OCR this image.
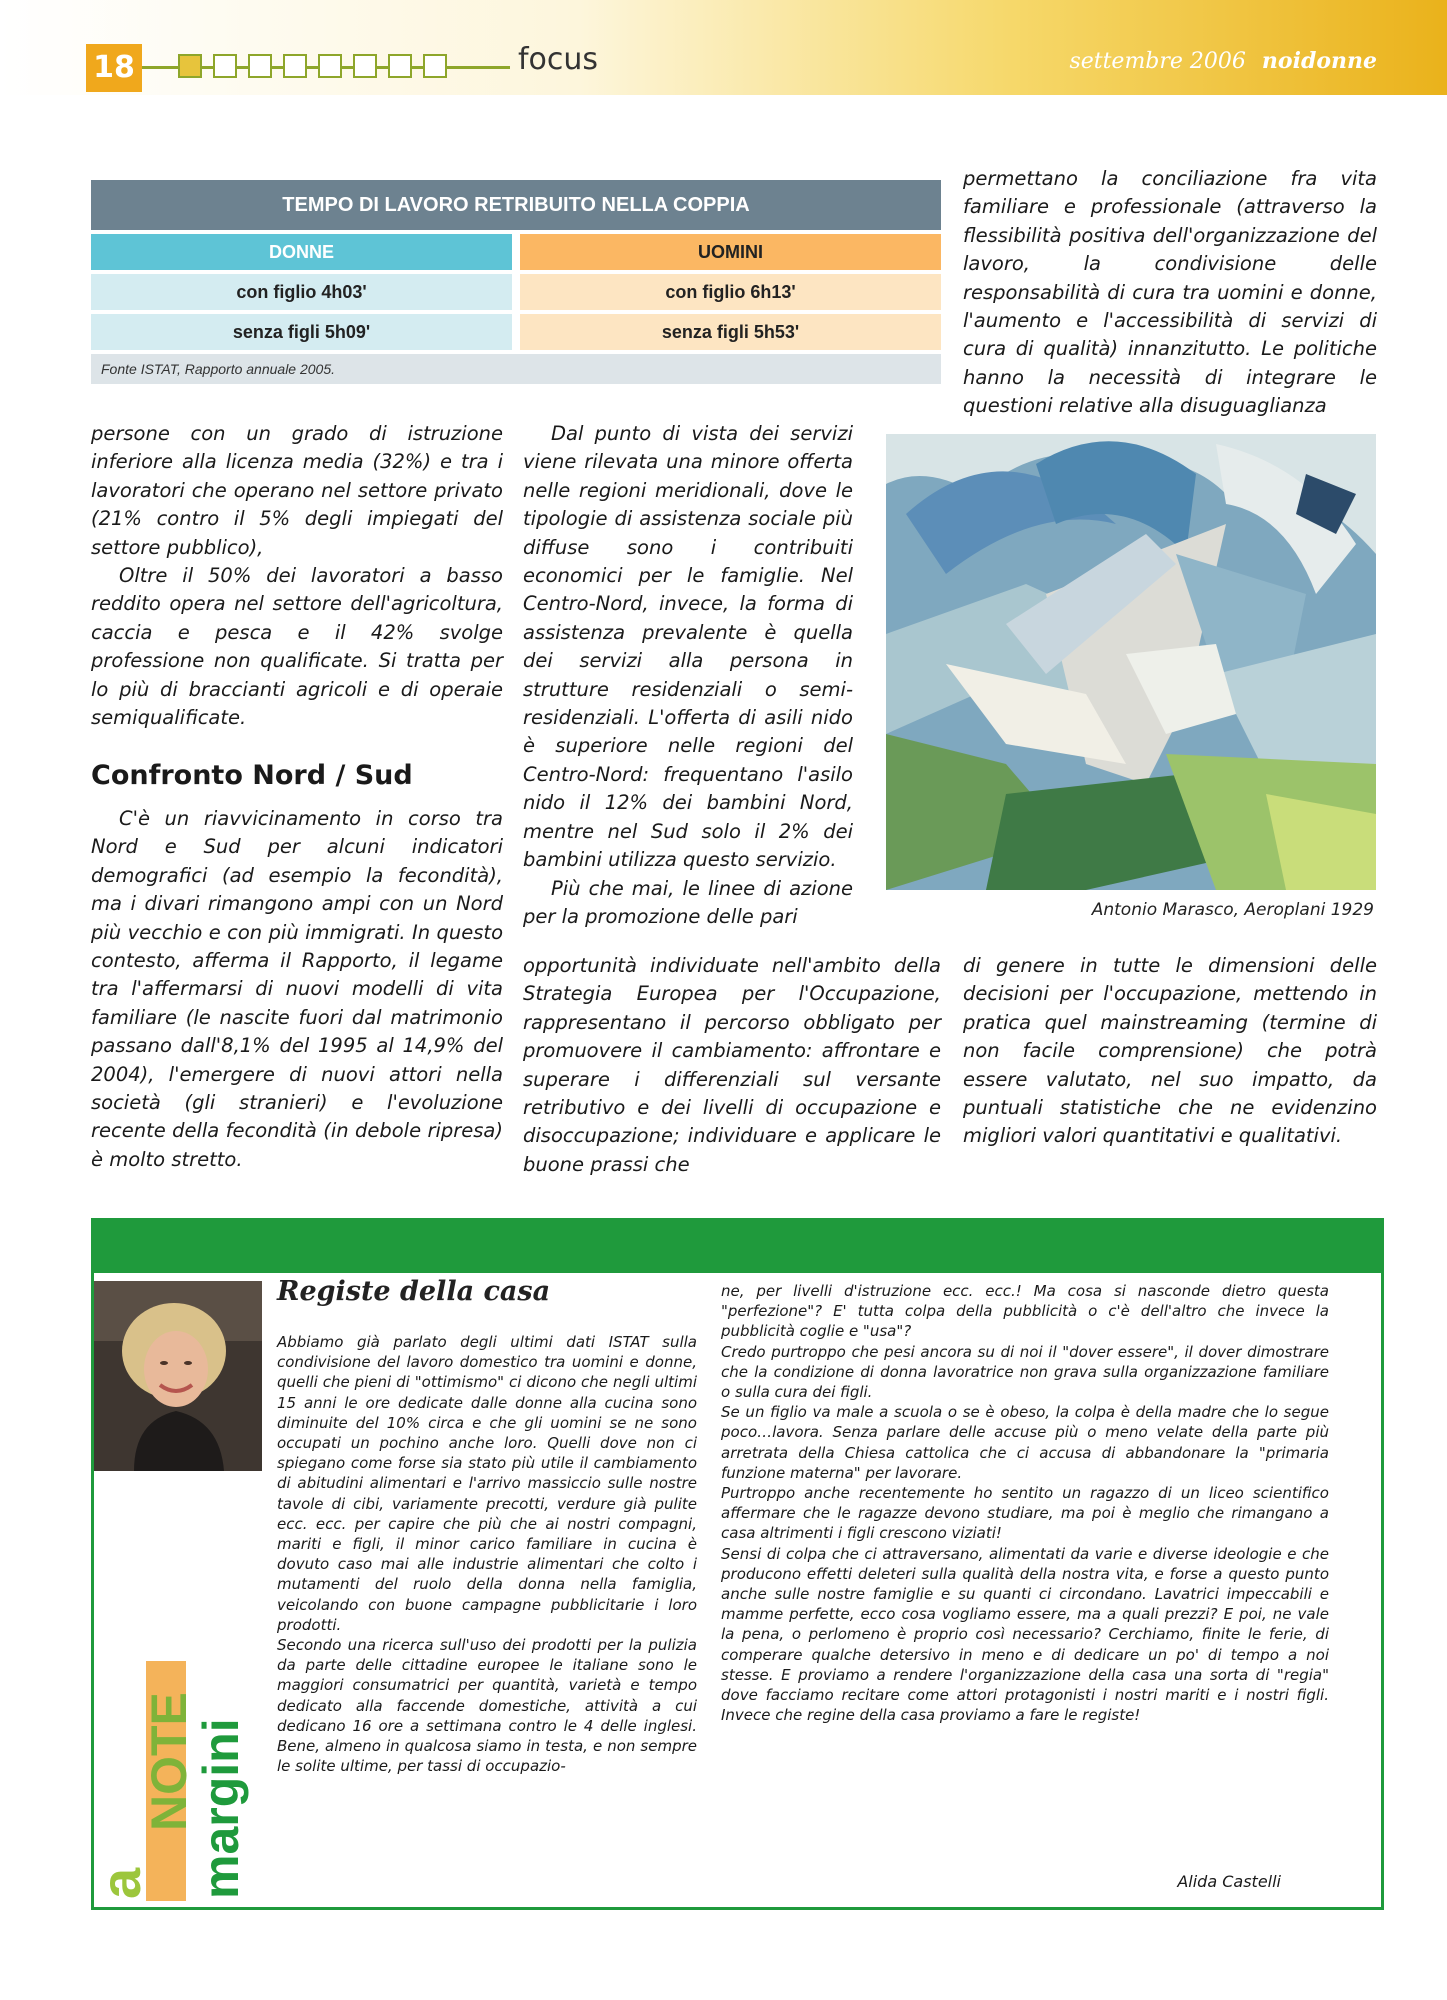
18	focus	settembre 2006 noidonne
TEMPO DI LAVORO RETRIBUITO NELLA COPPIA
DONNE	UOMINI
con figlio 4h03'	con figlio 6h13'
senza figli 5h09'	senza figli 5h53'
Fonte ISTAT, Rapporto annuale 2005.

persone con un grado di istruzione inferiore alla licenza media (32%) e tra i lavoratori che operano nel settore privato (21% contro il 5% degli impiegati del settore pubblico),

Oltre il 50% dei lavoratori a basso reddito opera nel settore dell'agricoltura, caccia e pesca e il 42% svolge professione non qualificate. Si tratta per lo più di braccianti agricoli e di operaie semiqualificate.

Confronto Nord / Sud

C'è un riavvicinamento in corso tra Nord e Sud per alcuni indicatori demografici (ad esempio la fecondità), ma i divari rimangono ampi con un Nord più vecchio e con più immigrati. In questo contesto, afferma il Rapporto, il legame tra l'affermarsi di nuovi modelli di vita familiare (le nascite fuori dal matrimonio passano dall'8,1% del 1995 al 14,9% del 2004), l'emergere di nuovi attori nella società (gli stranieri) e l'evoluzione recente della fecondità (in debole ripresa) è molto stretto.

Dal punto di vista dei servizi viene rilevata una minore offerta nelle regioni meridionali, dove le tipologie di assistenza sociale più diffuse sono i contribuiti economici per le famiglie. Nel Centro-Nord, invece, la forma di assistenza prevalente è quella dei servizi alla persona in strutture residenziali o semi-residenziali. L'offerta di asili nido è superiore nelle regioni del Centro-Nord: frequentano l'asilo nido il 12% dei bambini Nord, mentre nel Sud solo il 2% dei bambini utilizza questo servizio.

Più che mai, le linee di azione per la promozione delle pari

opportunità individuate nell'ambito della Strategia Europea per l'Occupazione, rappresentano il percorso obbligato per promuovere il cambiamento: affrontare e superare i differenziali sul versante retributivo e dei livelli di occupazione e disoccupazione; individuare e applicare le buone prassi che

permettano la conciliazione fra vita familiare e professionale (attraverso la flessibilità positiva dell'organizzazione del lavoro, la condivisione delle responsabilità di cura tra uomini e donne, l'aumento e l'accessibilità di servizi di cura di qualità) innanzitutto. Le politiche hanno la necessità di integrare le questioni relative alla disuguaglianza

Antonio Marasco, Aeroplani 1929

di genere in tutte le dimensioni delle decisioni per l'occupazione, mettendo in pratica quel mainstreaming (termine di non facile comprensione) che potrà essere valutato, nel suo impatto, da puntuali statistiche che ne evidenzino migliori valori quantitativi e qualitativi.

a
NOTE
margini
Registe della casa

Abbiamo già parlato degli ultimi dati ISTAT sulla condivisione del lavoro domestico tra uomini e donne, quelli che pieni di "ottimismo" ci dicono che negli ultimi 15 anni le ore dedicate dalle donne alla cucina sono diminuite del 10% circa e che gli uomini se ne sono occupati un pochino anche loro. Quelli dove non ci spiegano come forse sia stato più utile il cambiamento di abitudini alimentari e l'arrivo massiccio sulle nostre tavole di cibi, variamente precotti, verdure già pulite ecc. ecc. per capire che più che ai nostri compagni, mariti e figli, il minor carico familiare in cucina è dovuto caso mai alle industrie alimentari che colto i mutamenti del ruolo della donna nella famiglia, veicolando con buone campagne pubblicitarie i loro prodotti.

Secondo una ricerca sull'uso dei prodotti per la pulizia da parte delle cittadine europee le italiane sono le maggiori consumatrici per quantità, varietà e tempo dedicato alla faccende domestiche, attività a cui dedicano 16 ore a settimana contro le 4 delle inglesi. Bene, almeno in qualcosa siamo in testa, e non sempre le solite ultime, per tassi di occupazio-

ne, per livelli d'istruzione ecc. ecc.! Ma cosa si nasconde dietro questa "perfezione"? E' tutta colpa della pubblicità o c'è dell'altro che invece la pubblicità coglie e "usa"?

Credo purtroppo che pesi ancora su di noi il "dover essere", il dover dimostrare che la condizione di donna lavoratrice non grava sulla organizzazione familiare o sulla cura dei figli.

Se un figlio va male a scuola o se è obeso, la colpa è della madre che lo segue poco…lavora. Senza parlare delle accuse più o meno velate della parte più arretrata della Chiesa cattolica che ci accusa di abbandonare la "primaria funzione materna" per lavorare.

Purtroppo anche recentemente ho sentito un ragazzo di un liceo scientifico affermare che le ragazze devono studiare, ma poi è meglio che rimangano a casa altrimenti i figli crescono viziati!

Sensi di colpa che ci attraversano, alimentati da varie e diverse ideologie e che producono effetti deleteri sulla qualità della nostra vita, e forse a questo punto anche sulle nostre famiglie e su quanti ci circondano. Lavatrici impeccabili e mamme perfette, ecco cosa vogliamo essere, ma a quali prezzi? E poi, ne vale la pena, o perlomeno è proprio così necessario? Cerchiamo, finite le ferie, di comperare qualche detersivo in meno e di dedicare un po' di tempo a noi stesse. E proviamo a rendere l'organizzazione della casa una sorta di "regia" dove facciamo recitare come attori protagonisti i nostri mariti e i nostri figli. Invece che regine della casa proviamo a fare le registe!

Alida Castelli
